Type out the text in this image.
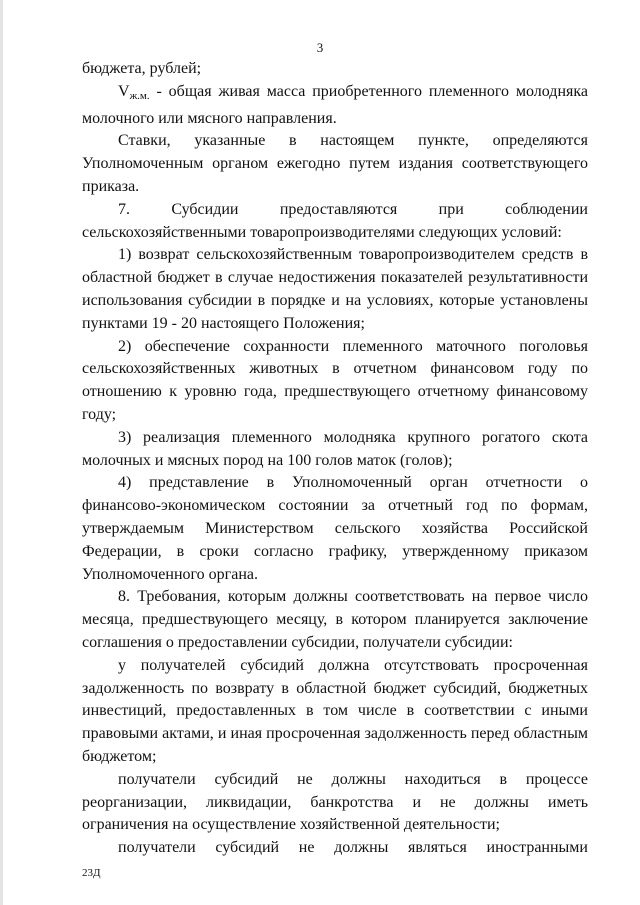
3

бюджета, рублей;

$V_{ж.м.}$ - общая живая масса приобретенного племенного молодняка молочного или мясного направления.

Ставки, указанные в настоящем пункте, определяются Уполномоченным органом ежегодно путем издания соответствующего приказа.

7. Субсидии предоставляются при соблюдении сельскохозяйственными товаропроизводителями следующих условий:

1) возврат сельскохозяйственным товаропроизводителем средств в областной бюджет в случае недостижения показателей результативности использования субсидии в порядке и на условиях, которые установлены пунктами 19 - 20 настоящего Положения;

2) обеспечение сохранности племенного маточного поголовья сельскохозяйственных животных в отчетном финансовом году по отношению к уровню года, предшествующего отчетному финансовому году;

3) реализация племенного молодняка крупного рогатого скота молочных и мясных пород на 100 голов маток (голов);

4) представление в Уполномоченный орган отчетности о финансово-экономическом состоянии за отчетный год по формам, утверждаемым Министерством сельского хозяйства Российской Федерации, в сроки согласно графику, утвержденному приказом Уполномоченного органа.

8. Требования, которым должны соответствовать на первое число месяца, предшествующего месяцу, в котором планируется заключение соглашения о предоставлении субсидии, получатели субсидии:

у получателей субсидий должна отсутствовать просроченная задолженность по возврату в областной бюджет субсидий, бюджетных инвестиций, предоставленных в том числе в соответствии с иными правовыми актами, и иная просроченная задолженность перед областным бюджетом;

получатели субсидий не должны находиться в процессе реорганизации, ликвидации, банкротства и не должны иметь ограничения на осуществление хозяйственной деятельности;

получатели субсидий не должны являться иностранными

23Д
